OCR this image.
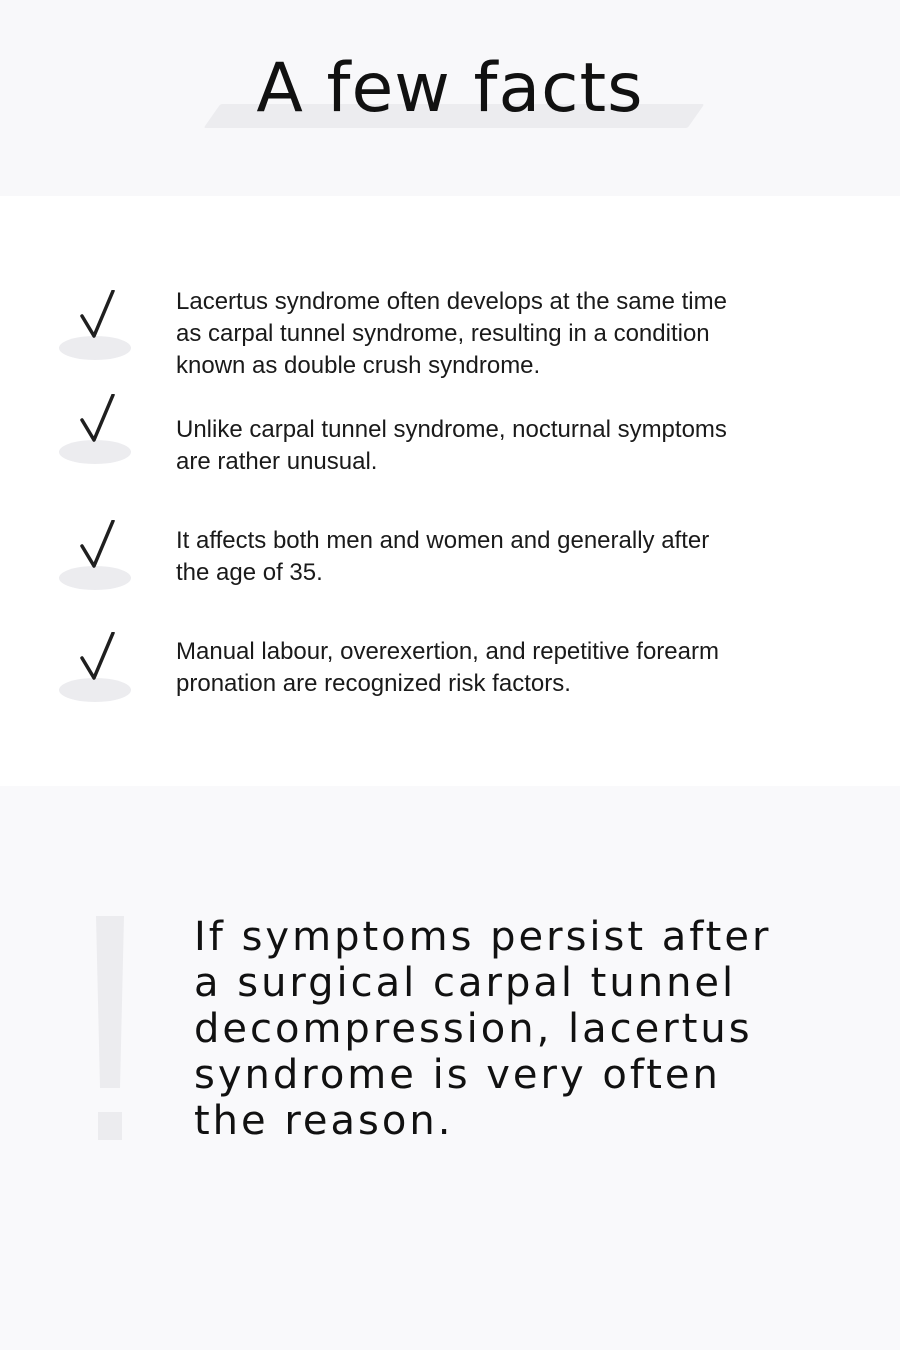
A few facts

Lacertus syndrome often develops at the same time as carpal tunnel syndrome, resulting in a condition known as double crush syndrome.

Unlike carpal tunnel syndrome, nocturnal symptoms are rather unusual.

It affects both men and women and generally after the age of 35.

Manual labour, overexertion, and repetitive forearm pronation are recognized risk factors.

If symptoms persist after a surgical carpal tunnel decompression, lacertus syndrome is very often the reason.
